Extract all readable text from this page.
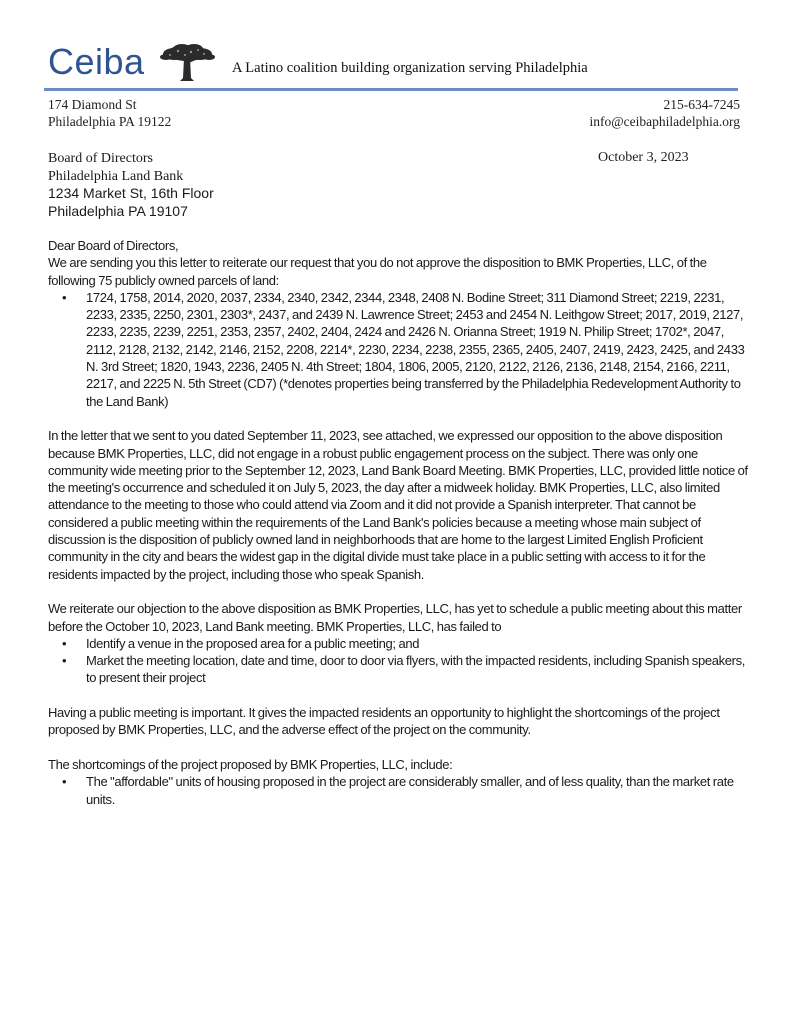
Ceiba	A Latino coalition building organization serving Philadelphia
174 Diamond St
Philadelphia PA 19122
215-634-7245
info@ceibaphiladelphia.org
Board of Directors
Philadelphia Land Bank
1234 Market St, 16th Floor
Philadelphia PA 19107
October 3, 2023

Dear Board of Directors,

We are sending you this letter to reiterate our request that you do not approve the disposition to BMK Properties, LLC, of the following 75 publicly owned parcels of land:

• 1724, 1758, 2014, 2020, 2037, 2334, 2340, 2342, 2344, 2348, 2408 N. Bodine Street; 311 Diamond Street; 2219, 2231, 2233, 2335, 2250, 2301, 2303*, 2437, and 2439 N. Lawrence Street; 2453 and 2454 N. Leithgow Street; 2017, 2019, 2127, 2233, 2235, 2239, 2251, 2353, 2357, 2402, 2404, 2424 and 2426 N. Orianna Street; 1919 N. Philip Street; 1702*, 2047, 2112, 2128, 2132, 2142, 2146, 2152, 2208, 2214*, 2230, 2234, 2238, 2355, 2365, 2405, 2407, 2419, 2423, 2425, and 2433 N. 3rd Street; 1820, 1943, 2236, 2405 N. 4th Street; 1804, 1806, 2005, 2120, 2122, 2126, 2136, 2148, 2154, 2166, 2211, 2217, and 2225 N. 5th Street (CD7) (*denotes properties being transferred by the Philadelphia Redevelopment Authority to the Land Bank)

In the letter that we sent to you dated September 11, 2023, see attached, we expressed our opposition to the above disposition because BMK Properties, LLC, did not engage in a robust public engagement process on the subject. There was only one community wide meeting prior to the September 12, 2023, Land Bank Board Meeting. BMK Properties, LLC, provided little notice of the meeting's occurrence and scheduled it on July 5, 2023, the day after a midweek holiday. BMK Properties, LLC, also limited attendance to the meeting to those who could attend via Zoom and it did not provide a Spanish interpreter. That cannot be considered a public meeting within the requirements of the Land Bank's policies because a meeting whose main subject of discussion is the disposition of publicly owned land in neighborhoods that are home to the largest Limited English Proficient community in the city and bears the widest gap in the digital divide must take place in a public setting with access to it for the residents impacted by the project, including those who speak Spanish.

We reiterate our objection to the above disposition as BMK Properties, LLC, has yet to schedule a public meeting about this matter before the October 10, 2023, Land Bank meeting. BMK Properties, LLC, has failed to

• Identify a venue in the proposed area for a public meeting; and
• Market the meeting location, date and time, door to door via flyers, with the impacted residents, including Spanish speakers, to present their project

Having a public meeting is important. It gives the impacted residents an opportunity to highlight the shortcomings of the project proposed by BMK Properties, LLC, and the adverse effect of the project on the community.

The shortcomings of the project proposed by BMK Properties, LLC, include:

• The "affordable" units of housing proposed in the project are considerably smaller, and of less quality, than the market rate units.
